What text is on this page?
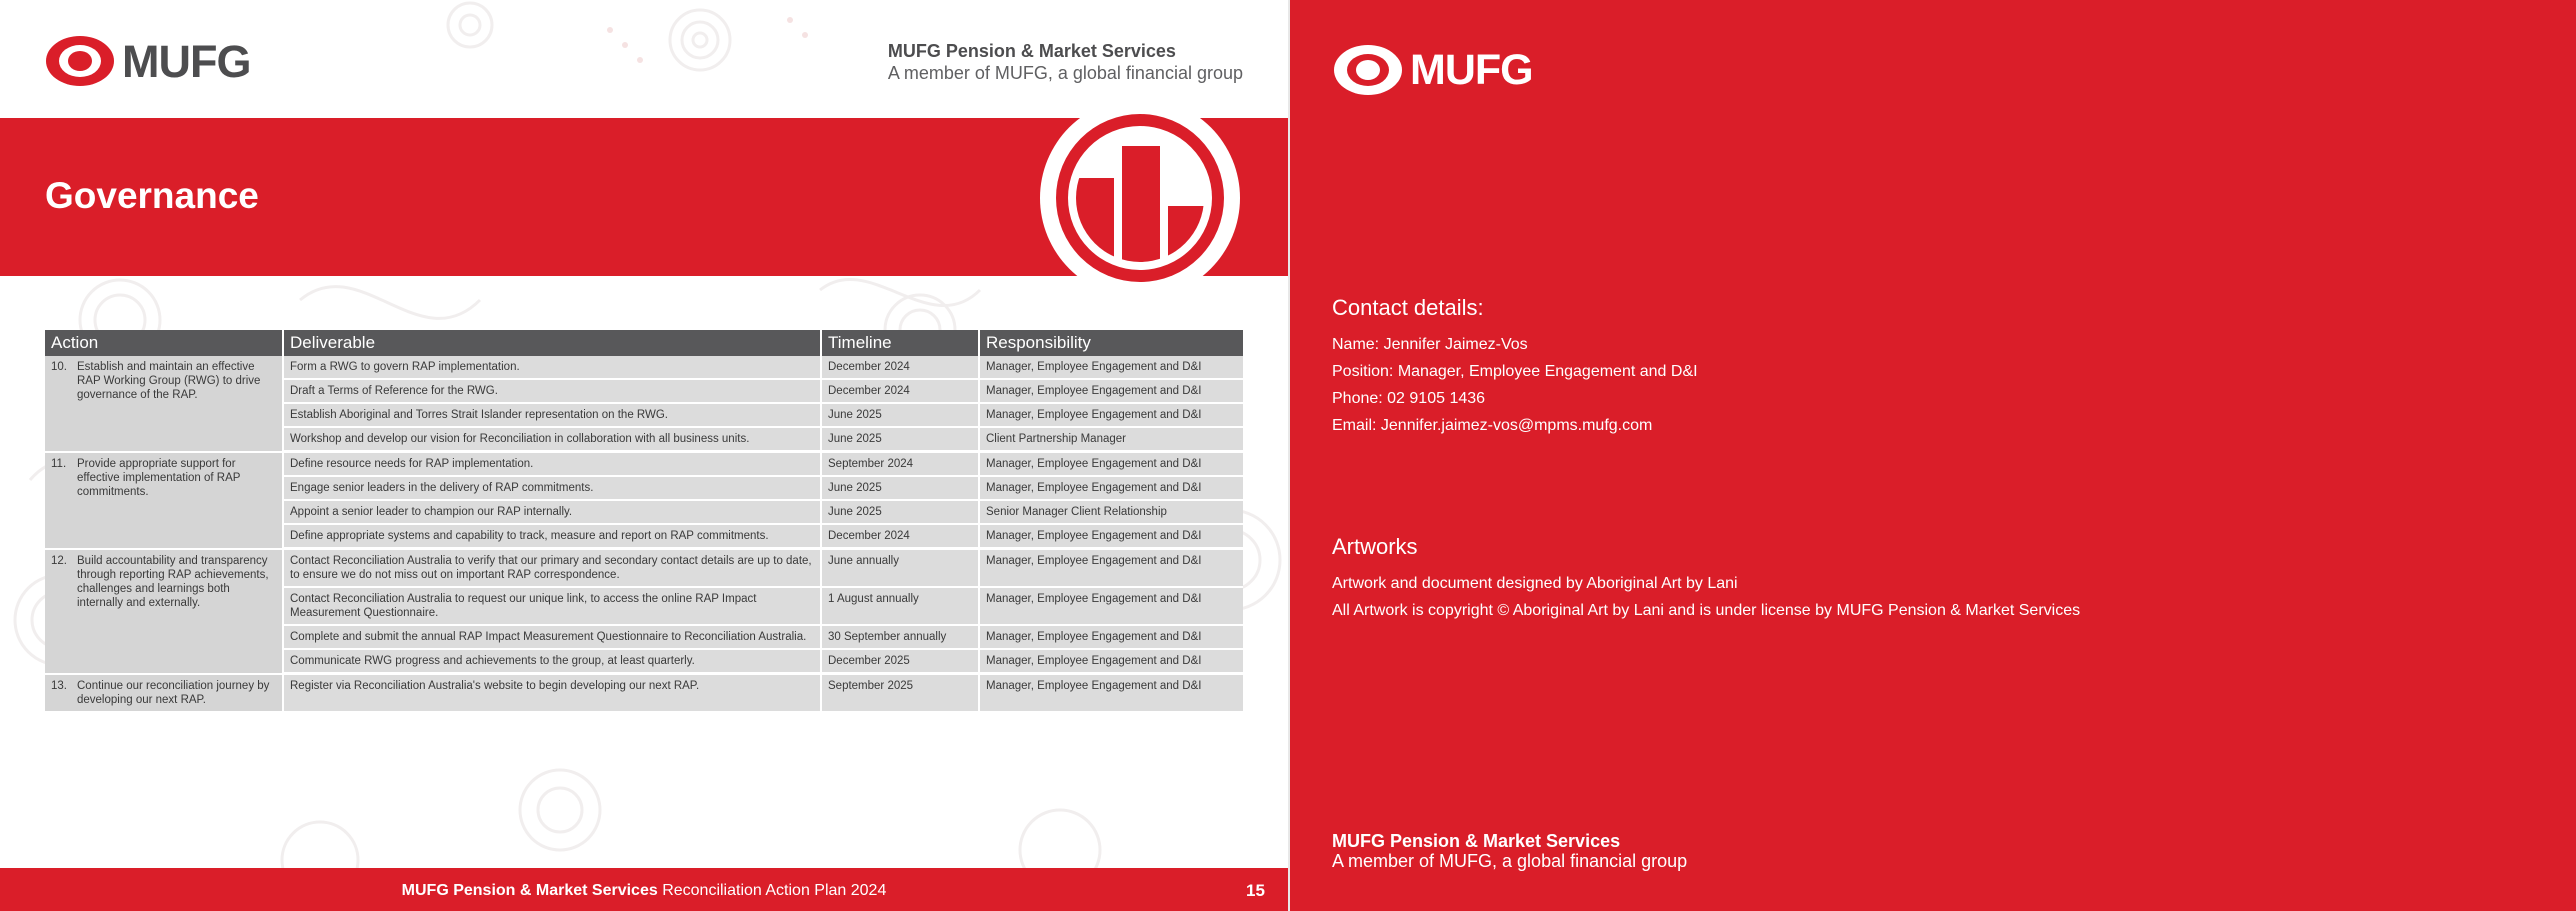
MUFG	MUFG Pension & Market Services
A member of MUFG, a global financial group
Governance
Action	Deliverable	Timeline	Responsibility

10. Establish and maintain an effective RAP Working Group (RWG) to drive governance of the RAP.	Form a RWG to govern RAP implementation.	December 2024	Manager, Employee Engagement and D&I
	Draft a Terms of Reference for the RWG.	December 2024	Manager, Employee Engagement and D&I
	Establish Aboriginal and Torres Strait Islander representation on the RWG.	June 2025	Manager, Employee Engagement and D&I
	Workshop and develop our vision for Reconciliation in collaboration with all business units.	June 2025	Client Partnership Manager

11. Provide appropriate support for effective implementation of RAP commitments.	Define resource needs for RAP implementation.	September 2024	Manager, Employee Engagement and D&I
	Engage senior leaders in the delivery of RAP commitments.	June 2025	Manager, Employee Engagement and D&I
	Appoint a senior leader to champion our RAP internally.	June 2025	Senior Manager Client Relationship
	Define appropriate systems and capability to track, measure and report on RAP commitments.	December 2024	Manager, Employee Engagement and D&I

12. Build accountability and transparency through reporting RAP achievements, challenges and learnings both internally and externally.	Contact Reconciliation Australia to verify that our primary and secondary contact details are up to date, to ensure we do not miss out on important RAP correspondence.	June annually	Manager, Employee Engagement and D&I
	Contact Reconciliation Australia to request our unique link, to access the online RAP Impact Measurement Questionnaire.	1 August annually	Manager, Employee Engagement and D&I
	Complete and submit the annual RAP Impact Measurement Questionnaire to Reconciliation Australia.	30 September annually	Manager, Employee Engagement and D&I
	Communicate RWG progress and achievements to the group, at least quarterly.	December 2025	Manager, Employee Engagement and D&I

13. Continue our reconciliation journey by developing our next RAP.	Register via Reconciliation Australia's website to begin developing our next RAP.	September 2025	Manager, Employee Engagement and D&I
MUFG Pension & Market Services Reconciliation Action Plan 2024	15
MUFG
Contact details:
Name: Jennifer Jaimez-Vos
Position: Manager, Employee Engagement and D&I
Phone: 02 9105 1436
Email: Jennifer.jaimez-vos@mpms.mufg.com
Artworks
Artwork and document designed by Aboriginal Art by Lani
All Artwork is copyright © Aboriginal Art by Lani and is under license by MUFG Pension & Market Services
MUFG Pension & Market Services
A member of MUFG, a global financial group
